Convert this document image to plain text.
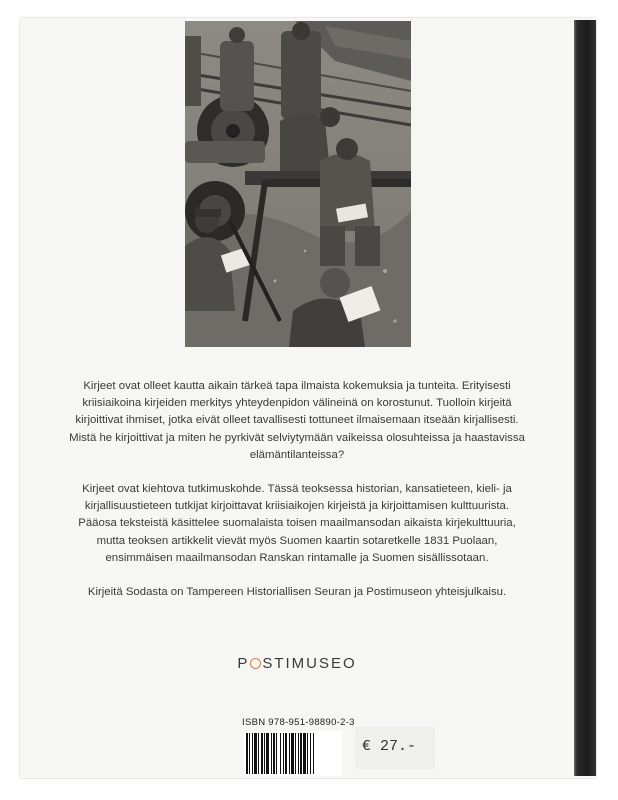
Kirjeet ovat olleet kautta aikain tärkeä tapa ilmaista kokemuksia ja tunteita. Erityisesti kriisiaikoina kirjeiden merkitys yhteydenpidon välineinä on korostunut. Tuolloin kirjeitä kirjoittivat ihmiset, jotka eivät olleet tavallisesti tottuneet ilmaisemaan itseään kirjallisesti. Mistä he kirjoittivat ja miten he pyrkivät selviytymään vaikeissa olosuhteissa ja haastavissa elämäntilanteissa?

Kirjeet ovat kiehtova tutkimuskohde. Tässä teoksessa historian, kansatieteen, kieli- ja kirjallisuustieteen tutkijat kirjoittavat kriisiaikojen kirjeistä ja kirjoittamisen kulttuurista. Pääosa teksteistä käsittelee suomalaista toisen maailmansodan aikaista kirjekulttuuria, mutta teoksen artikkelit vievät myös Suomen kaartin sotaretkelle 1831 Puolaan, ensimmäisen maailmansodan Ranskan rintamalle ja Suomen sisällissotaan.

Kirjeitä Sodasta on Tampereen Historiallisen Seuran ja Postimuseon yhteisjulkaisu.

P STIMUSEO
ISBN 978-951-98890-2-3
€ 27.-
